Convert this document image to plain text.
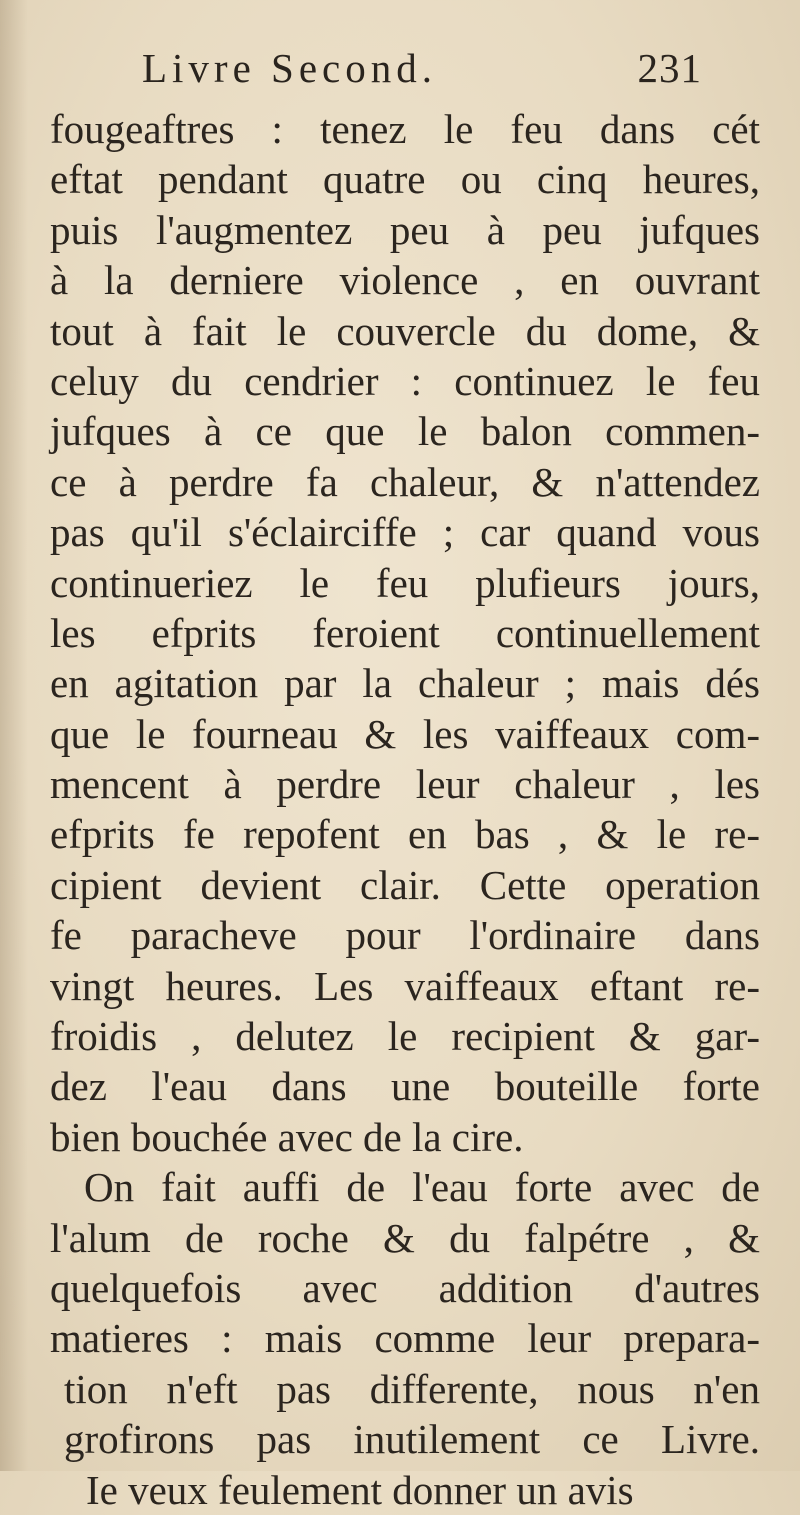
Livre Second.	231
fougeaftres : tenez le feu dans cét
eftat pendant quatre ou cinq heures,
puis l'augmentez peu à peu jufques
à la derniere violence , en ouvrant
tout à fait le couvercle du dome, &
celuy du cendrier : continuez le feu
jufques à ce que le balon commen-
ce à perdre fa chaleur, & n'attendez
pas qu'il s'éclairciffe ; car quand vous
continueriez le feu plufieurs jours,
les efprits feroient continuellement
en agitation par la chaleur ; mais dés
que le fourneau & les vaiffeaux com-
mencent à perdre leur chaleur , les
efprits fe repofent en bas , & le re-
cipient devient clair. Cette operation
fe paracheve pour l'ordinaire dans
vingt heures. Les vaiffeaux eftant re-
froidis , delutez le recipient & gar-
dez l'eau dans une bouteille forte
bien bouchée avec de la cire.
On fait auffi de l'eau forte avec de
l'alum de roche & du falpétre , &
quelquefois avec addition d'autres
matieres : mais comme leur prepara-
tion n'eft pas differente, nous n'en
grofirons pas inutilement ce Livre.
Ie veux feulement donner un avis
